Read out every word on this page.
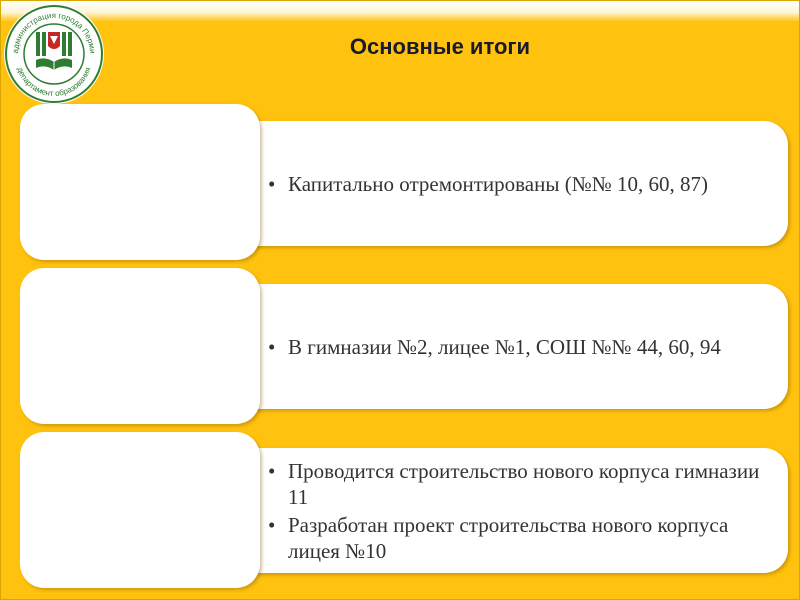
администрация города Перми
департамент образования
Основные итоги
• Капитально отремонтированы (№№ 10, 60, 87)
• В гимназии №2, лицее №1, СОШ №№ 44, 60, 94
• Проводится строительство нового корпуса гимназии 11
• Разработан проект строительства нового корпуса лицея №10
